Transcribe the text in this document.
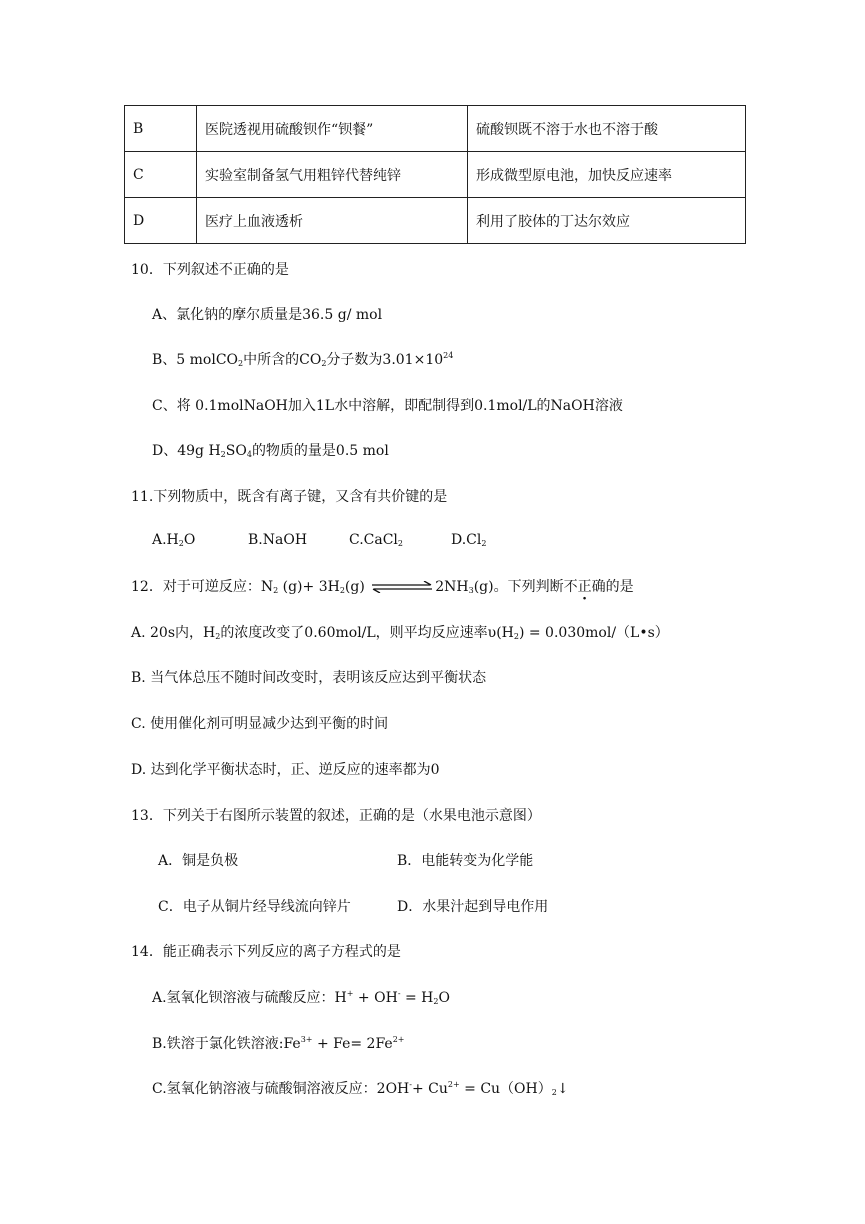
B	医院透视用硫酸钡作“钡餐”	硫酸钡既不溶于水也不溶于酸
C	实验室制备氢气用粗锌代替纯锌	形成微型原电池，加快反应速率
D	医疗上血液透析	利用了胶体的丁达尔效应
10．下列叙述不正确的是
A、氯化钠的摩尔质量是36.5 g/ mol
B、5 molCO$_2$中所含的$CO_2$分子数为$3.01\times 10^{24}$
C、将 0.1molNaOH加入1L水中溶解，即配制得到0.1mol/L的NaOH溶液
D、49g $H_2SO_4$的物质的量是0.5 mol
11.下列物质中，既含有离子键，又含有共价键的是
$A.H_2O$	B.NaOH	C.CaCl$_2$	$D.Cl_2$
12．对于可逆反应：$N_2$ $(g)+ 3H_2(g)$	$2NH_3(g)$。下列判断不正确的是
A. 20s内，$H_2$的浓度改变了0.60mol/L，则平均反应速率$\upsilon(H_2)$ = 0.030mol/（L•s）
B. 当气体总压不随时间改变时，表明该反应达到平衡状态
C. 使用催化剂可明显减少达到平衡的时间
D. 达到化学平衡状态时，正、逆反应的速率都为0
13．下列关于右图所示装置的叙述，正确的是（水果电池示意图）
A．铜是负极	B．电能转变为化学能
C．电子从铜片经导线流向锌片	D．水果汁起到导电作用
14．能正确表示下列反应的离子方程式的是
A.氢氧化钡溶液与硫酸反应：$H^+ + OH^- = H_2O$
B.铁溶于氯化铁溶液$:Fe^{3+} + Fe= 2Fe^{2+}$
C.氢氧化钠溶液与硫酸铜溶液反应：$2OH^-+ Cu^{2+}$ = $Cu(OH)_2↓$
